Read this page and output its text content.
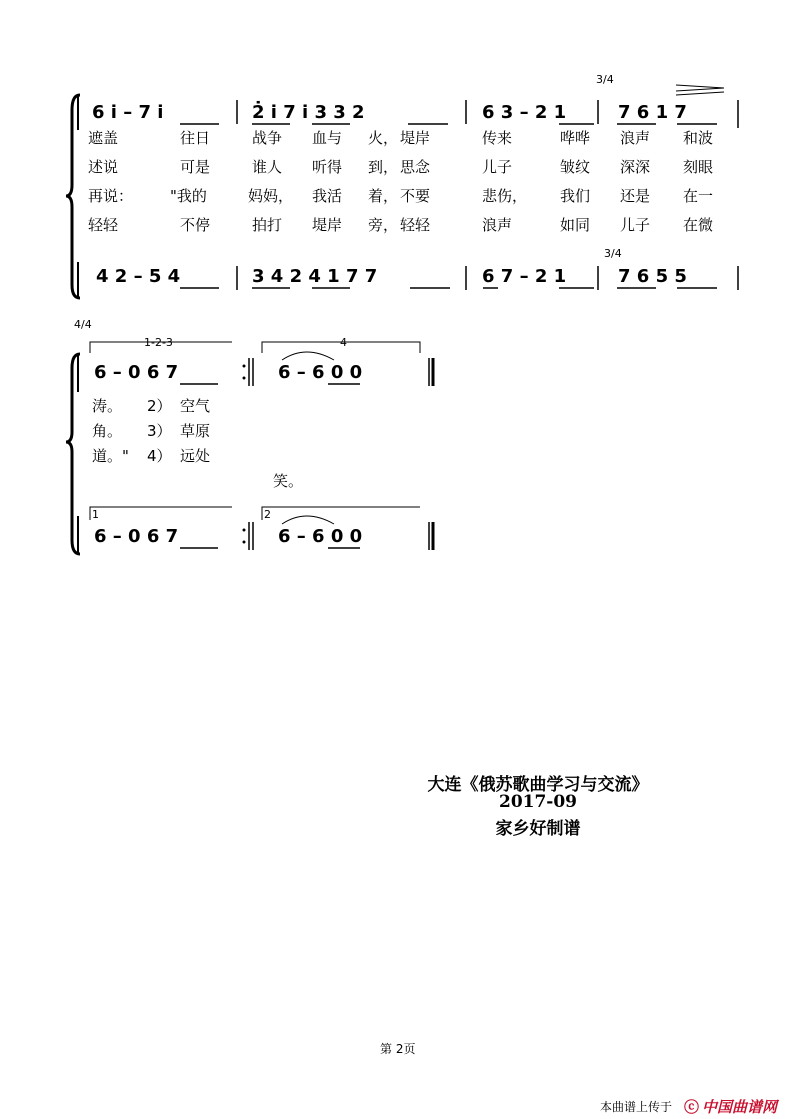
3/4
6 i̇ – 7 i̇	2̇ i̇ 7 i̇ 3 3 2	6 3 – 2 1	7 6 1 7
遮盖	往日	战争 血与 火， 堤岸	传来	哗哗 浪声 和波
述说	可是	谁人 听得 到， 思念	儿子	皱纹 深深 刻眼
再说： "我的	妈妈， 我活 着， 不要	悲伤， 我们 还是 在一
轻轻	不停	拍打 堤岸 旁， 轻轻	浪声	如同 儿子 在微
3/4
4 2 – 5 4	3 4 2 4 1 7 7	6 7 – 2 1	7 6 5 5
4/4
1-2-3	4
6 – 0 6 7	6 – 6 0 0
涛。 2） 空气
角。 3） 草原
道。" 4） 远处
笑。
1	2
6 – 0 6 7	6 – 6 0 0
大连《俄苏歌曲学习与交流》
2017-09
家乡好制谱
第 2页
本曲谱上传于 ⓒ 中国曲谱网
